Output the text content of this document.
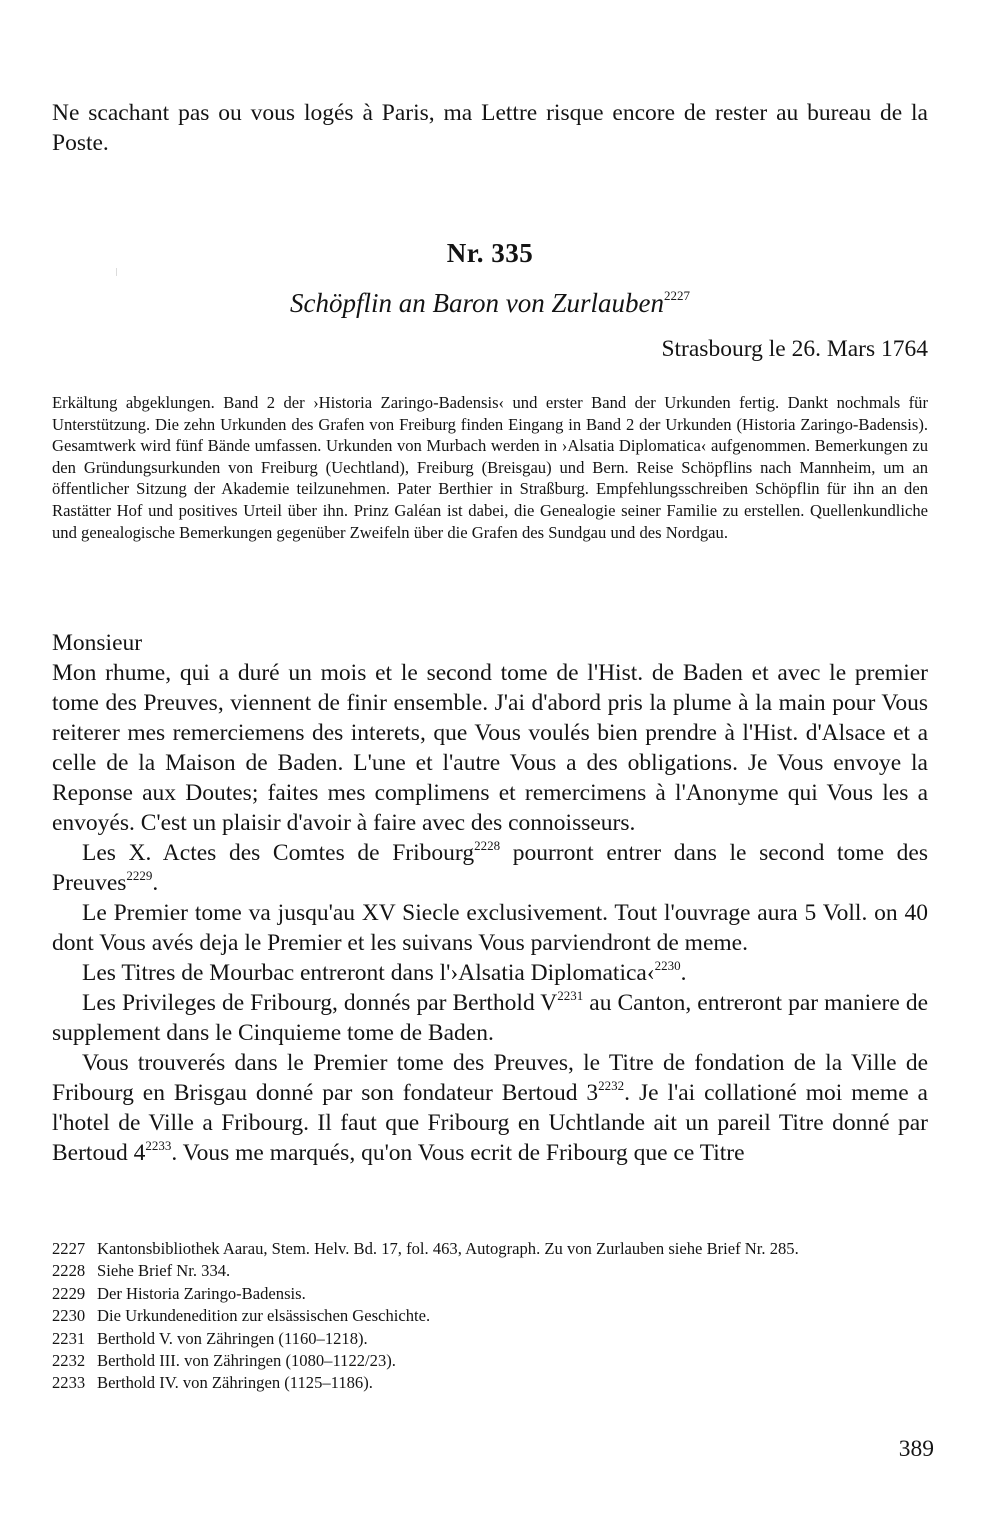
Ne scachant pas ou vous logés à Paris, ma Lettre risque encore de rester au bureau de la Poste.
Nr. 335
Schöpflin an Baron von Zurlauben$^{2227}$
Strasbourg le 26. Mars 1764
Erkältung abgeklungen. Band 2 der ›Historia Zaringo-Badensis‹ und erster Band der Urkunden fertig. Dankt nochmals für Unterstützung. Die zehn Urkunden des Grafen von Freiburg finden Eingang in Band 2 der Urkunden (Historia Zaringo-Badensis). Gesamtwerk wird fünf Bände umfassen. Urkunden von Murbach werden in ›Alsatia Diplomatica‹ aufgenommen. Bemerkungen zu den Gründungsurkunden von Freiburg (Uechtland), Freiburg (Breisgau) und Bern. Reise Schöpflins nach Mannheim, um an öffentlicher Sitzung der Akademie teilzunehmen. Pater Berthier in Straßburg. Empfehlungsschreiben Schöpflin für ihn an den Rastätter Hof und positives Urteil über ihn. Prinz Galéan ist dabei, die Genealogie seiner Familie zu erstellen. Quellenkundliche und genealogische Bemerkungen gegenüber Zweifeln über die Grafen des Sundgau und des Nordgau.
Monsieur

Mon rhume, qui a duré un mois et le second tome de l'Hist. de Baden et avec le premier tome des Preuves, viennent de finir ensemble. J'ai d'abord pris la plume à la main pour Vous reiterer mes remerciemens des interets, que Vous voulés bien prendre à l'Hist. d'Alsace et a celle de la Maison de Baden. L'une et l'autre Vous a des obligations. Je Vous envoye la Reponse aux Doutes; faites mes complimens et remercimens à l'Anonyme qui Vous les a envoyés. C'est un plaisir d'avoir à faire avec des connoisseurs.

Les X. Actes des Comtes de Fribourg$^{2228}$ pourront entrer dans le second tome des Preuves$^{2229}$.

Le Premier tome va jusqu'au XV Siecle exclusivement. Tout l'ouvrage aura 5 Voll. on 40 dont Vous avés deja le Premier et les suivans Vous parviendront de meme.

Les Titres de Mourbac entreront dans l'›Alsatia Diplomatica‹$^{2230}$.

Les Privileges de Fribourg, donnés par Berthold $V^{2231}$ au Canton, entreront par maniere de supplement dans le Cinquieme tome de Baden.

Vous trouverés dans le Premier tome des Preuves, le Titre de fondation de la Ville de Fribourg en Brisgau donné par son fondateur Bertoud $3^{2232}$. Je l'ai collationé moi meme a l'hotel de Ville a Fribourg. Il faut que Fribourg en Uchtlande ait un pareil Titre donné par Bertoud $4^{2233}$. Vous me marqués, qu'on Vous ecrit de Fribourg que ce Titre

2227 Kantonsbibliothek Aarau, Stem. Helv. Bd. 17, fol. 463, Autograph. Zu von Zurlauben siehe Brief Nr. 285.
2228 Siehe Brief Nr. 334.
2229 Der Historia Zaringo-Badensis.
2230 Die Urkundenedition zur elsässischen Geschichte.
2231 Berthold V. von Zähringen (1160–1218).
2232 Berthold III. von Zähringen (1080–1122/23).
2233 Berthold IV. von Zähringen (1125–1186).
389
